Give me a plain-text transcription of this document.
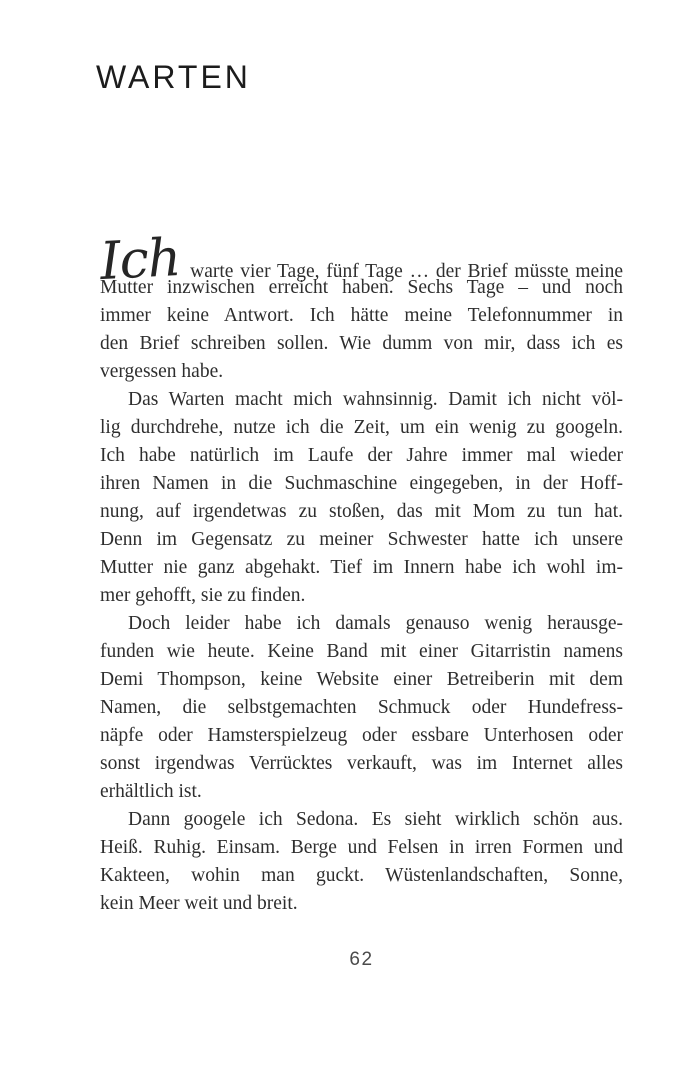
WARTEN
Ich warte vier Tage, fünf Tage … der Brief müsste meine
Mutter inzwischen erreicht haben. Sechs Tage – und noch
immer keine Antwort. Ich hätte meine Telefonnummer in
den Brief schreiben sollen. Wie dumm von mir, dass ich es
vergessen habe.
Das Warten macht mich wahnsinnig. Damit ich nicht völ-
lig durchdrehe, nutze ich die Zeit, um ein wenig zu googeln.
Ich habe natürlich im Laufe der Jahre immer mal wieder
ihren Namen in die Suchmaschine eingegeben, in der Hoff-
nung, auf irgendetwas zu stoßen, das mit Mom zu tun hat.
Denn im Gegensatz zu meiner Schwester hatte ich unsere
Mutter nie ganz abgehakt. Tief im Innern habe ich wohl im-
mer gehofft, sie zu finden.
Doch leider habe ich damals genauso wenig herausge-
funden wie heute. Keine Band mit einer Gitarristin namens
Demi Thompson, keine Website einer Betreiberin mit dem
Namen, die selbstgemachten Schmuck oder Hundefress-
näpfe oder Hamsterspielzeug oder essbare Unterhosen oder
sonst irgendwas Verrücktes verkauft, was im Internet alles
erhältlich ist.
Dann googele ich Sedona. Es sieht wirklich schön aus.
Heiß. Ruhig. Einsam. Berge und Felsen in irren Formen und
Kakteen, wohin man guckt. Wüstenlandschaften, Sonne,
kein Meer weit und breit.
62
